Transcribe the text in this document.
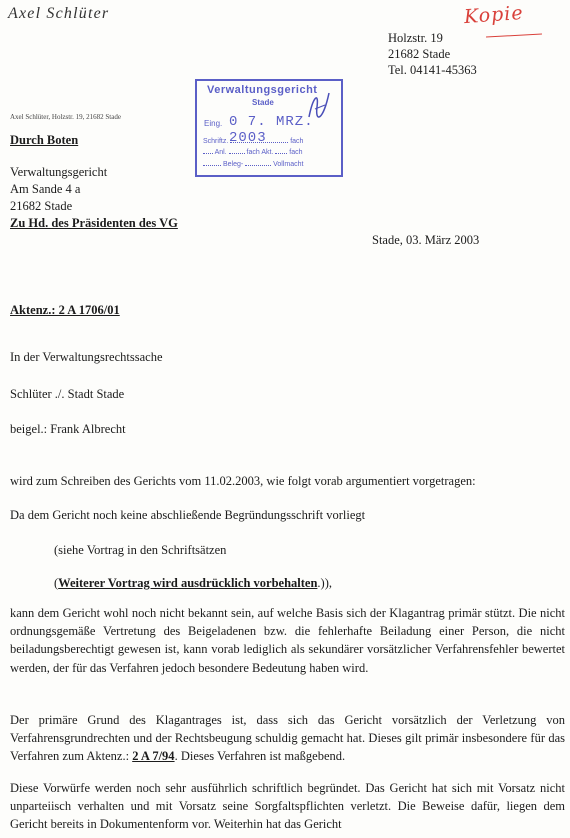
Axel Schlüter	Kopie
Holzstr. 19
21682 Stade
Tel. 04141-45363
Axel Schlüter, Holzstr. 19, 21682 Stade
Verwaltungsgericht
Stade
Eing. 0 7. MRZ. 2003
Schriftz.	fach
Anl.	fach Akt. fach
Beleg-	Vollmacht
Durch Boten
Verwaltungsgericht
Am Sande 4 a
21682 Stade
Zu Hd. des Präsidenten des VG
Stade, 03. März 2003
Aktenz.: 2 A 1706/01
In der Verwaltungsrechtssache
Schlüter ./. Stadt Stade
beigel.: Frank Albrecht
wird zum Schreiben des Gerichts vom 11.02.2003, wie folgt vorab argumentiert vorgetragen:
Da dem Gericht noch keine abschließende Begründungsschrift vorliegt
(siehe Vortrag in den Schriftsätzen
(Weiterer Vortrag wird ausdrücklich vorbehalten.)),
kann dem Gericht wohl noch nicht bekannt sein, auf welche Basis sich der Klagantrag primär stützt. Die nicht ordnungsgemäße Vertretung des Beigeladenen bzw. die fehlerhafte Beiladung einer Person, die nicht beiladungsberechtigt gewesen ist, kann vorab lediglich als sekundärer vorsätzlicher Verfahrensfehler bewertet werden, der für das Verfahren jedoch besondere Bedeutung haben wird.
Der primäre Grund des Klagantrages ist, dass sich das Gericht vorsätzlich der Verletzung von Verfahrensgrundrechten und der Rechtsbeugung schuldig gemacht hat. Dieses gilt primär insbesondere für das Verfahren zum Aktenz.: 2 A 7/94. Dieses Verfahren ist maßgebend.
Diese Vorwürfe werden noch sehr ausführlich schriftlich begründet. Das Gericht hat sich mit Vorsatz nicht unparteiisch verhalten und mit Vorsatz seine Sorgfaltspflichten verletzt. Die Beweise dafür, liegen dem Gericht bereits in Dokumentenform vor. Weiterhin hat das Gericht
